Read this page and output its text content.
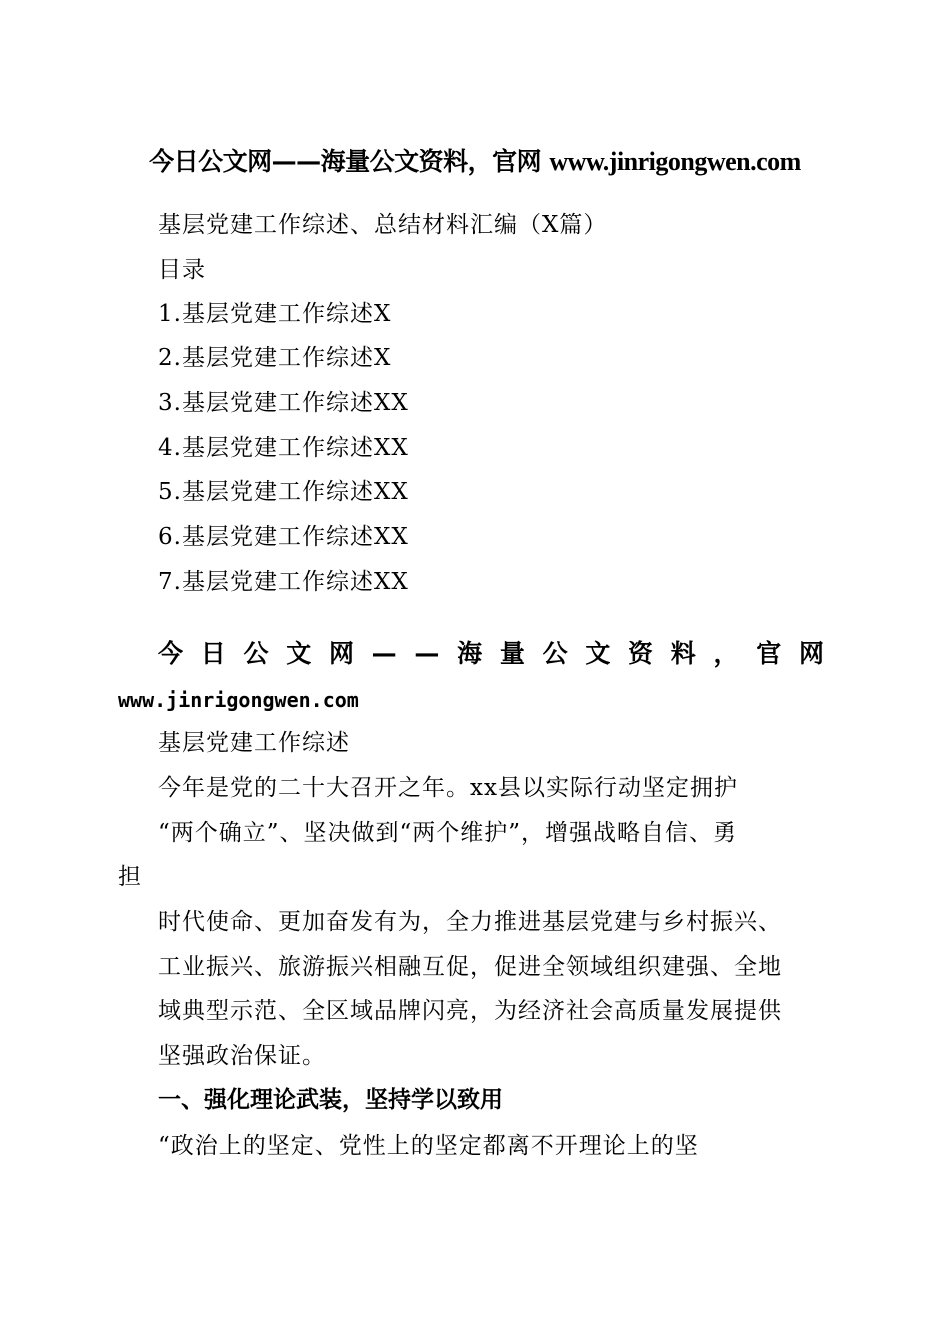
今日公文网——海量公文资料，官网 www.jinrigongwen.com
基层党建工作综述、总结材料汇编（X篇）
目录
1.基层党建工作综述X
2.基层党建工作综述X
3.基层党建工作综述XX
4.基层党建工作综述XX
5.基层党建工作综述XX
6.基层党建工作综述XX
7.基层党建工作综述XX
今 日 公 文 网 — — 海 量 公 文 资 料 ， 官 网
www.jinrigongwen.com
基层党建工作综述
今年是党的二十大召开之年。xx县以实际行动坚定拥护
“两个确立”、坚决做到“两个维护”，增强战略自信、勇
担
时代使命、更加奋发有为，全力推进基层党建与乡村振兴、
工业振兴、旅游振兴相融互促，促进全领域组织建强、全地
域典型示范、全区域品牌闪亮，为经济社会高质量发展提供
坚强政治保证。
一、强化理论武装，坚持学以致用
“政治上的坚定、党性上的坚定都离不开理论上的坚
